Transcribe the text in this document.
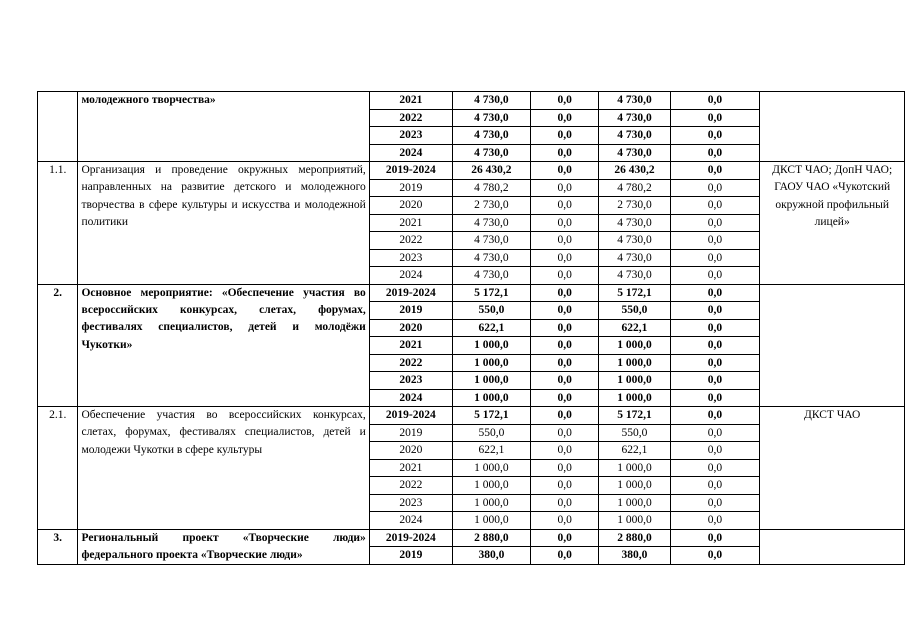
	молодежного творчества»	2021	4 730,0	0,0	4 730,0	0,0	
		2022	4 730,0	0,0	4 730,0	0,0	
		2023	4 730,0	0,0	4 730,0	0,0	
		2024	4 730,0	0,0	4 730,0	0,0	
1.1.	Организация и проведение окружных мероприятий, направленных на развитие детского и молодежного творчества в сфере культуры и искусства и молодежной политики	2019-2024	26 430,2	0,0	26 430,2	0,0	ДКСТ ЧАО; ДопН ЧАО; ГАОУ ЧАО «Чукотский окружной профильный лицей»
		2019	4 780,2	0,0	4 780,2	0,0	
		2020	2 730,0	0,0	2 730,0	0,0	
		2021	4 730,0	0,0	4 730,0	0,0	
		2022	4 730,0	0,0	4 730,0	0,0	
		2023	4 730,0	0,0	4 730,0	0,0	
		2024	4 730,0	0,0	4 730,0	0,0	
2.	Основное мероприятие: «Обеспечение участия во всероссийских конкурсах, слетах, форумах, фестивалях специалистов, детей и молодёжи Чукотки»	2019-2024	5 172,1	0,0	5 172,1	0,0	
		2019	550,0	0,0	550,0	0,0	
		2020	622,1	0,0	622,1	0,0	
		2021	1 000,0	0,0	1 000,0	0,0	
		2022	1 000,0	0,0	1 000,0	0,0	
		2023	1 000,0	0,0	1 000,0	0,0	
		2024	1 000,0	0,0	1 000,0	0,0	
2.1.	Обеспечение участия во всероссийских конкурсах, слетах, форумах, фестивалях специалистов, детей и молодежи Чукотки в сфере культуры	2019-2024	5 172,1	0,0	5 172,1	0,0	ДКСТ ЧАО
		2019	550,0	0,0	550,0	0,0	
		2020	622,1	0,0	622,1	0,0	
		2021	1 000,0	0,0	1 000,0	0,0	
		2022	1 000,0	0,0	1 000,0	0,0	
		2023	1 000,0	0,0	1 000,0	0,0	
		2024	1 000,0	0,0	1 000,0	0,0	
3.	Региональный проект «Творческие люди» федерального проекта «Творческие люди»	2019-2024	2 880,0	0,0	2 880,0	0,0	
		2019	380,0	0,0	380,0	0,0	
